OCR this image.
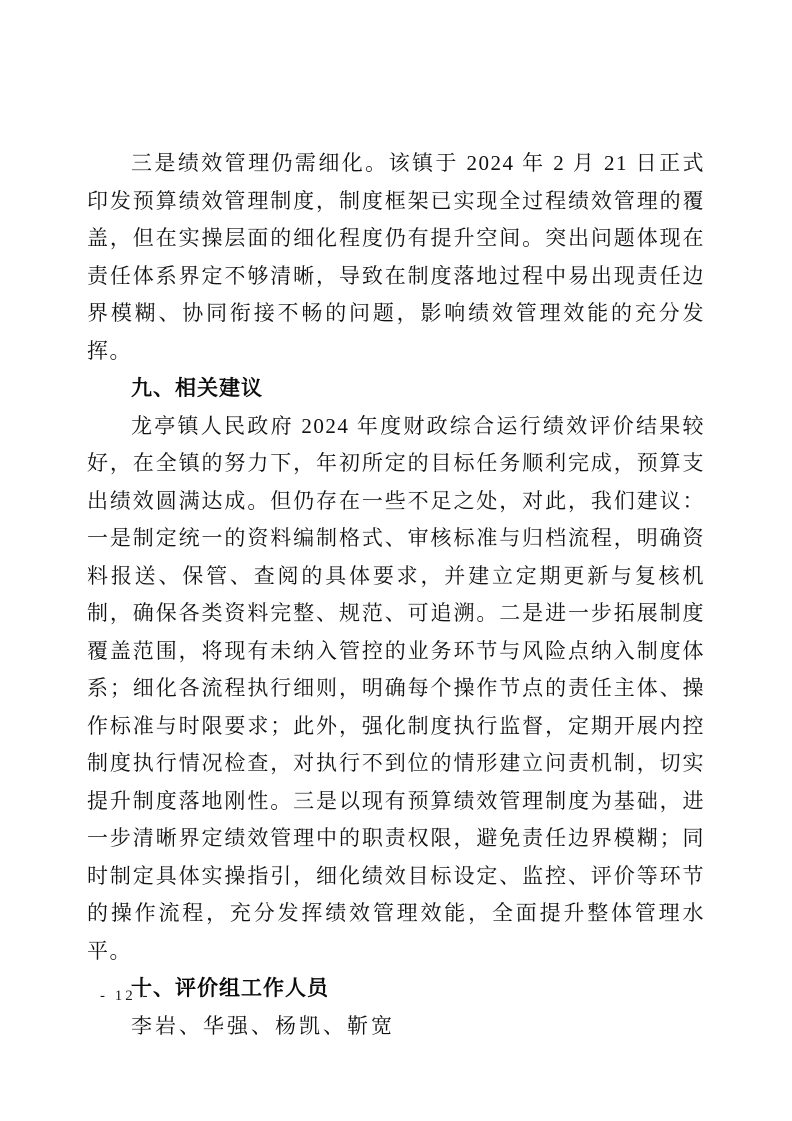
三是绩效管理仍需细化。该镇于 2024 年 2 月 21 日正式印发预算绩效管理制度，制度框架已实现全过程绩效管理的覆盖，但在实操层面的细化程度仍有提升空间。突出问题体现在责任体系界定不够清晰，导致在制度落地过程中易出现责任边界模糊、协同衔接不畅的问题，影响绩效管理效能的充分发挥。

九、相关建议

龙亭镇人民政府 2024 年度财政综合运行绩效评价结果较好，在全镇的努力下，年初所定的目标任务顺利完成，预算支出绩效圆满达成。但仍存在一些不足之处，对此，我们建议：一是制定统一的资料编制格式、审核标准与归档流程，明确资料报送、保管、查阅的具体要求，并建立定期更新与复核机制，确保各类资料完整、规范、可追溯。二是进一步拓展制度覆盖范围，将现有未纳入管控的业务环节与风险点纳入制度体系；细化各流程执行细则，明确每个操作节点的责任主体、操作标准与时限要求；此外，强化制度执行监督，定期开展内控制度执行情况检查，对执行不到位的情形建立问责机制，切实提升制度落地刚性。三是以现有预算绩效管理制度为基础，进一步清晰界定绩效管理中的职责权限，避免责任边界模糊；同时制定具体实操指引，细化绩效目标设定、监控、评价等环节的操作流程，充分发挥绩效管理效能，全面提升整体管理水平。

十、评价组工作人员

李岩、华强、杨凯、靳宽

- 12 -
